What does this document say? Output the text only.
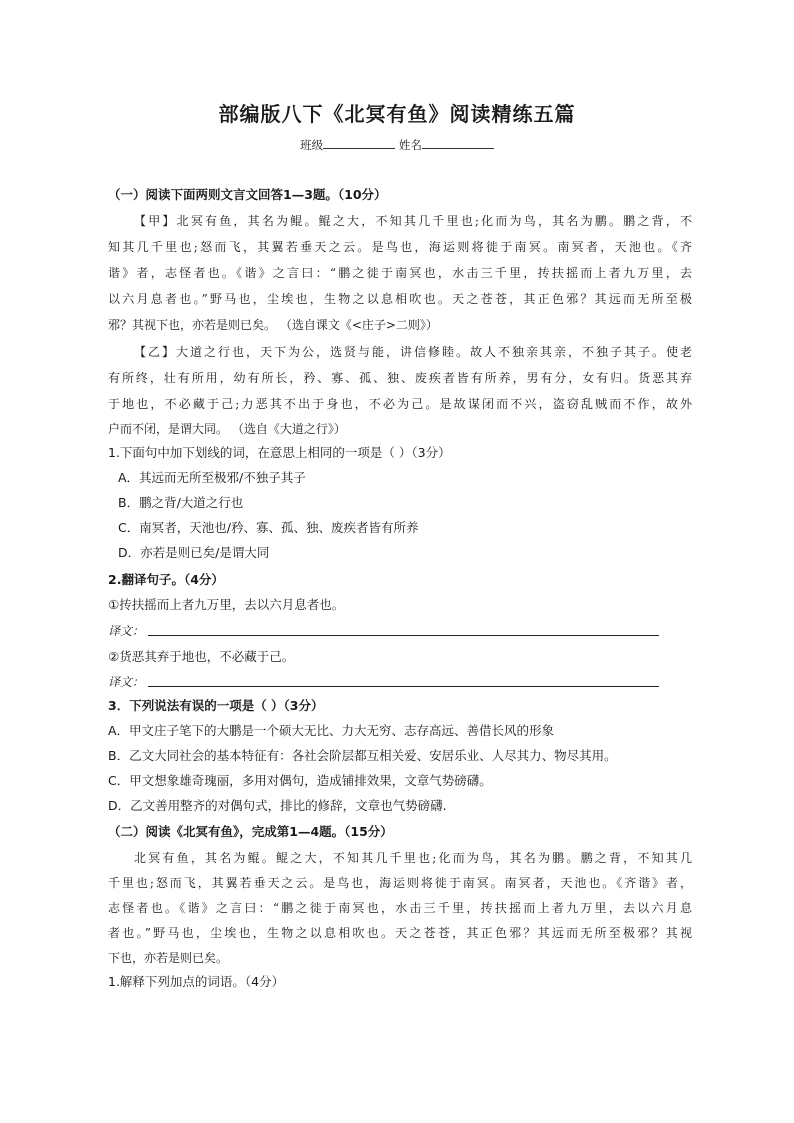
部编版八下《北冥有鱼》阅读精练五篇
班级	姓名
（一）阅读下面两则文言文回答1—3题。（10分）
【甲】北冥有鱼，其名为鲲。鲲之大，不知其几千里也;化而为鸟，其名为鹏。鹏之背，不
知其几千里也;怒而飞，其翼若垂天之云。是鸟也，海运则将徙于南冥。南冥者，天池也。《齐
谐》者，志怪者也。《谐》之言曰：“鹏之徙于南冥也，水击三千里，抟扶摇而上者九万里，去
以六月息者也。”野马也，尘埃也，生物之以息相吹也。天之苍苍，其正色邪？其远而无所至极
邪？其视下也，亦若是则已矣。 （选自课文《<庄子>二则》）
【乙】大道之行也，天下为公，选贤与能，讲信修睦。故人不独亲其亲，不独子其子。使老
有所终，壮有所用，幼有所长，矜、寡、孤、独、废疾者皆有所养，男有分，女有归。货恶其弃
于地也，不必藏于己;力恶其不出于身也，不必为己。是故谋闭而不兴，盗窃乱贼而不作，故外
户而不闭，是谓大同。 （选自《大道之行》）
1.下面句中加下划线的词，在意思上相同的一项是（ ）（3分）
A．其远而无所至极邪/不独子其子
B．鹏之背/大道之行也
C．南冥者，天池也/矜、寡、孤、独、废疾者皆有所养
D．亦若是则已矣/是谓大同
2.翻译句子。（4分）
①抟扶摇而上者九万里，去以六月息者也。
译文：
②货恶其弃于地也，不必藏于己。
译文：
3．下列说法有误的一项是（ ）（3分）
A．甲文庄子笔下的大鹏是一个硕大无比、力大无穷、志存高远、善借长风的形象
B．乙文大同社会的基本特征有：各社会阶层都互相关爱、安居乐业、人尽其力、物尽其用。
C．甲文想象雄奇瑰丽，多用对偶句，造成铺排效果，文章气势磅礴。
D．乙文善用整齐的对偶句式，排比的修辞，文章也气势磅礴.
（二）阅读《北冥有鱼》，完成第1—4题。（15分）
北冥有鱼，其名为鲲。鲲之大，不知其几千里也;化而为鸟，其名为鹏。鹏之背，不知其几
千里也;怒而飞，其翼若垂天之云。是鸟也，海运则将徙于南冥。南冥者，天池也。《齐谐》者，
志怪者也。《谐》之言曰：“鹏之徙于南冥也，水击三千里，抟扶摇而上者九万里，去以六月息
者也。”野马也，尘埃也，生物之以息相吹也。天之苍苍，其正色邪？其远而无所至极邪？其视
下也，亦若是则已矣。
1.解释下列加点的词语。（4分）
